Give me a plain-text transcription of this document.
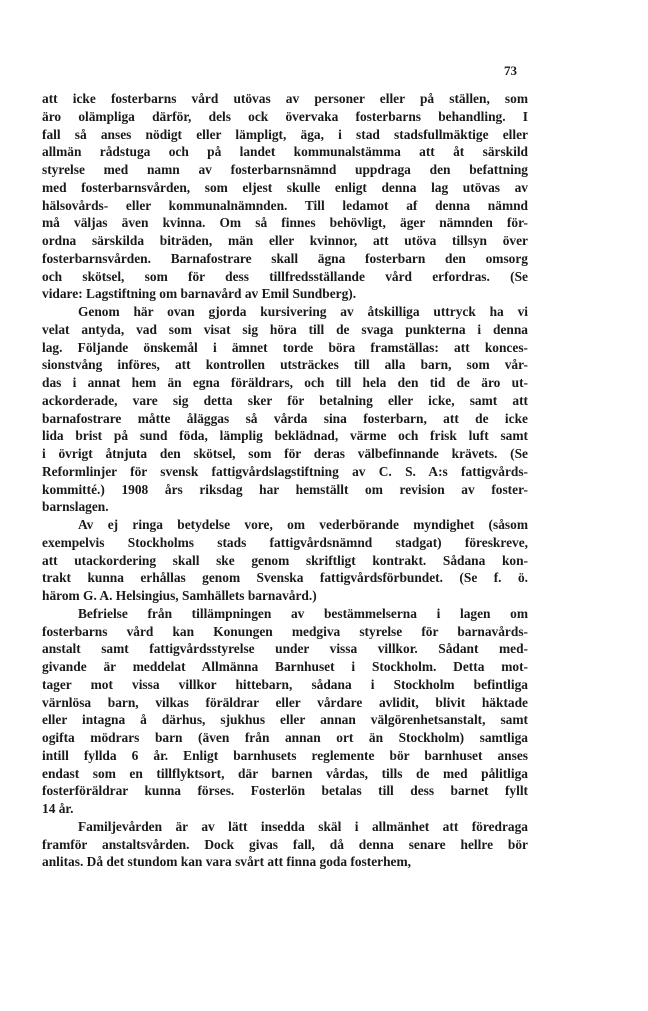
73

att icke fosterbarns vård utövas av personer eller på ställen, som
äro olämpliga därför, dels ock övervaka fosterbarns behandling. I
fall så anses nödigt eller lämpligt, äga, i stad stadsfullmäktige eller
allmän rådstuga och på landet kommunalstämma att åt särskild
styrelse med namn av fosterbarnsnämnd uppdraga den befattning
med fosterbarnsvården, som eljest skulle enligt denna lag utövas av
hälsovårds- eller kommunalnämnden. Till ledamot af denna nämnd
må väljas även kvinna. Om så finnes behövligt, äger nämnden för-
ordna särskilda biträden, män eller kvinnor, att utöva tillsyn över
fosterbarnsvården. Barnafostrare skall ägna fosterbarn den omsorg
och skötsel, som för dess tillfredsställande vård erfordras. (Se
vidare: Lagstiftning om barnavård av Emil Sundberg).

Genom här ovan gjorda kursivering av åtskilliga uttryck ha vi
velat antyda, vad som visat sig höra till de svaga punkterna i denna
lag. Följande önskemål i ämnet torde böra framställas: att konces-
sionstvång införes, att kontrollen utsträckes till alla barn, som vår-
das i annat hem än egna föräldrars, och till hela den tid de äro ut-
ackorderade, vare sig detta sker för betalning eller icke, samt att
barnafostrare måtte åläggas så vårda sina fosterbarn, att de icke
lida brist på sund föda, lämplig beklädnad, värme och frisk luft samt
i övrigt åtnjuta den skötsel, som för deras välbefinnande krävets. (Se
Reformlinjer för svensk fattigvårdslagstiftning av C. S. A:s fattigvårds-
kommitté.) 1908 års riksdag har hemställt om revision av foster-
barnslagen.

Av ej ringa betydelse vore, om vederbörande myndighet (såsom
exempelvis Stockholms stads fattigvårdsnämnd stadgat) föreskreve,
att utackordering skall ske genom skriftligt kontrakt. Sådana kon-
trakt kunna erhållas genom Svenska fattigvårdsförbundet. (Se f. ö.
härom G. A. Helsingius, Samhällets barnavård.)

Befrielse från tillämpningen av bestämmelserna i lagen om
fosterbarns vård kan Konungen medgiva styrelse för barnavårds-
anstalt samt fattigvårdsstyrelse under vissa villkor. Sådant med-
givande är meddelat Allmänna Barnhuset i Stockholm. Detta mot-
tager mot vissa villkor hittebarn, sådana i Stockholm befintliga
värnlösa barn, vilkas föräldrar eller vårdare avlidit, blivit häktade
eller intagna å därhus, sjukhus eller annan välgörenhetsanstalt, samt
ogifta mödrars barn (även från annan ort än Stockholm) samtliga
intill fyllda 6 år. Enligt barnhusets reglemente bör barnhuset anses
endast som en tillflyktsort, där barnen vårdas, tills de med pålitliga
fosterföräldrar kunna förses. Fosterlön betalas till dess barnet fyllt
14 år.

Familjevården är av lätt insedda skäl i allmänhet att föredraga
framför anstaltsvården. Dock givas fall, då denna senare hellre bör
anlitas. Då det stundom kan vara svårt att finna goda fosterhem,
